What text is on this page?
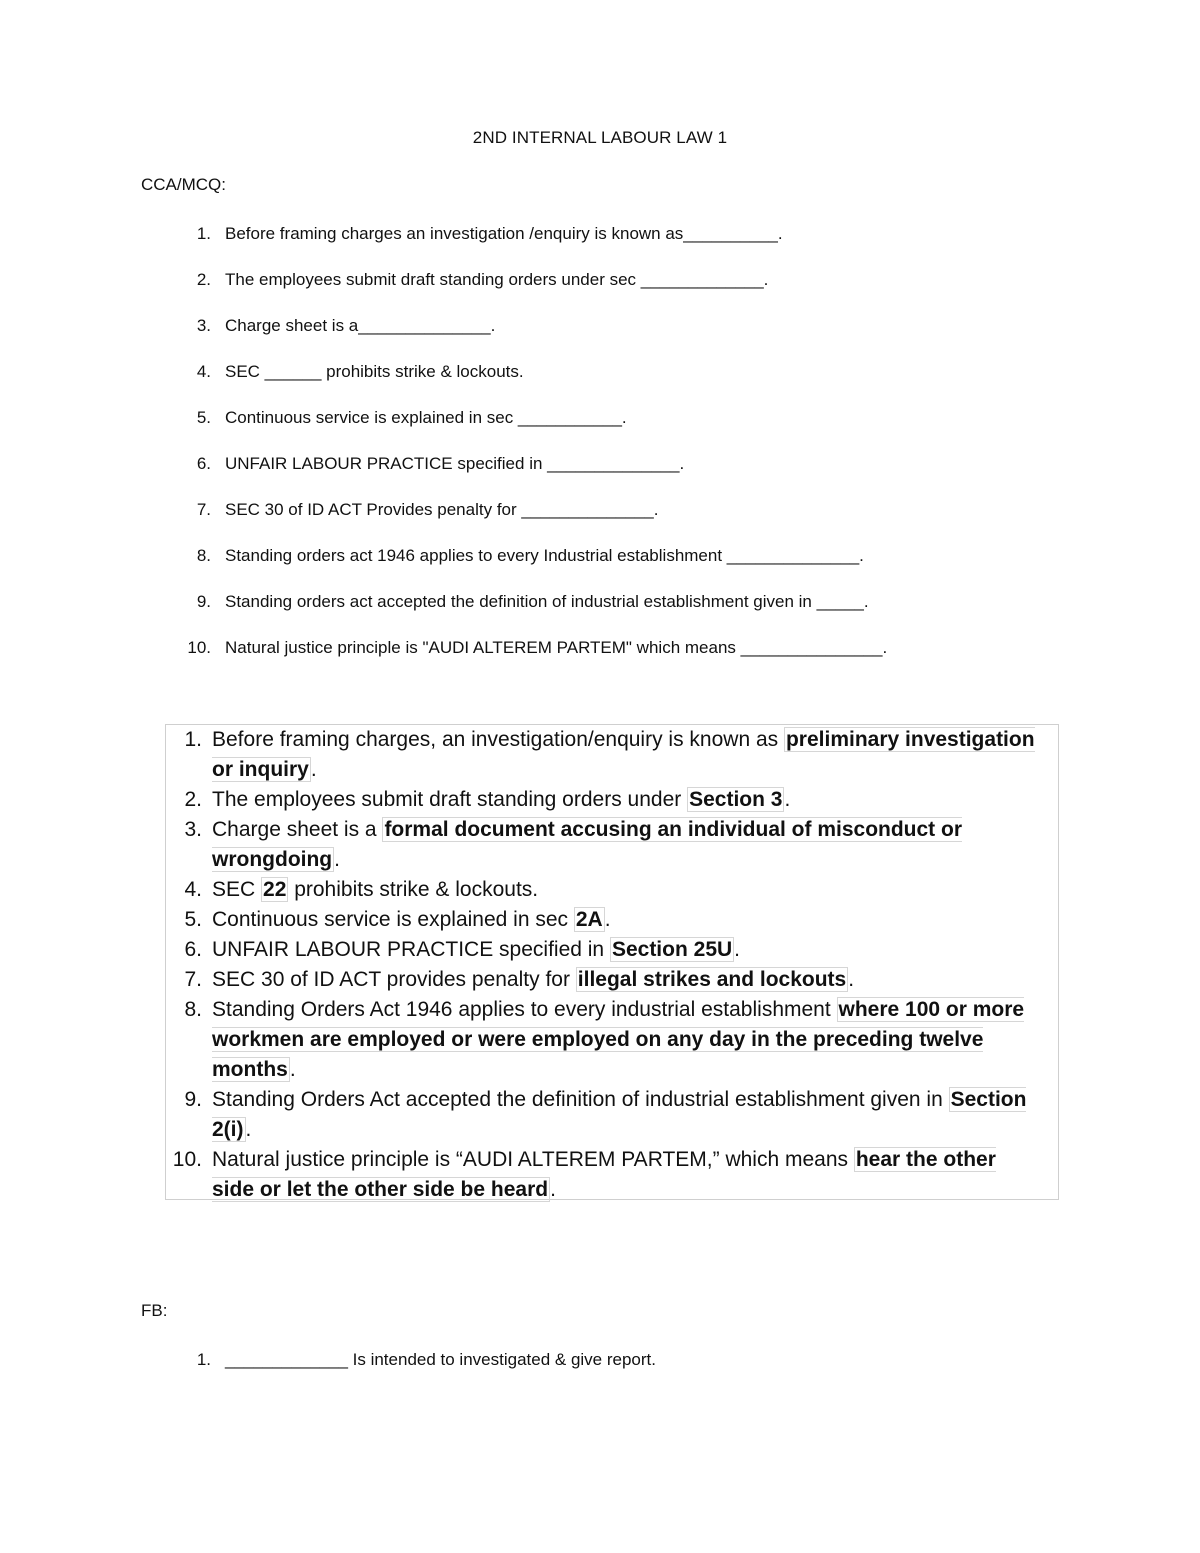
2ND INTERNAL LABOUR LAW 1
CCA/MCQ:
1. Before framing charges an investigation /enquiry is known as__________.
2. The employees submit draft standing orders under sec _____________.
3. Charge sheet is a______________.
4. SEC ______ prohibits strike & lockouts.
5. Continuous service is explained in sec ___________.
6. UNFAIR LABOUR PRACTICE specified in ______________.
7. SEC 30 of ID ACT Provides penalty for ______________.
8. Standing orders act 1946 applies to every Industrial establishment ______________.
9. Standing orders act accepted the definition of industrial establishment given in _____.
10. Natural justice principle is "AUDI ALTEREM PARTEM" which means _______________.
1. Before framing charges, an investigation/enquiry is known as preliminary investigation or inquiry.
2. The employees submit draft standing orders under Section 3.
3. Charge sheet is a formal document accusing an individual of misconduct or wrongdoing.
4. SEC 22 prohibits strike & lockouts.
5. Continuous service is explained in sec 2A.
6. UNFAIR LABOUR PRACTICE specified in Section 25U.
7. SEC 30 of ID ACT provides penalty for illegal strikes and lockouts.
8. Standing Orders Act 1946 applies to every industrial establishment where 100 or more workmen are employed or were employed on any day in the preceding twelve months.
9. Standing Orders Act accepted the definition of industrial establishment given in Section 2(i).
10. Natural justice principle is “AUDI ALTEREM PARTEM,” which means hear the other side or let the other side be heard.
FB:
1. _____________ Is intended to investigated & give report.
